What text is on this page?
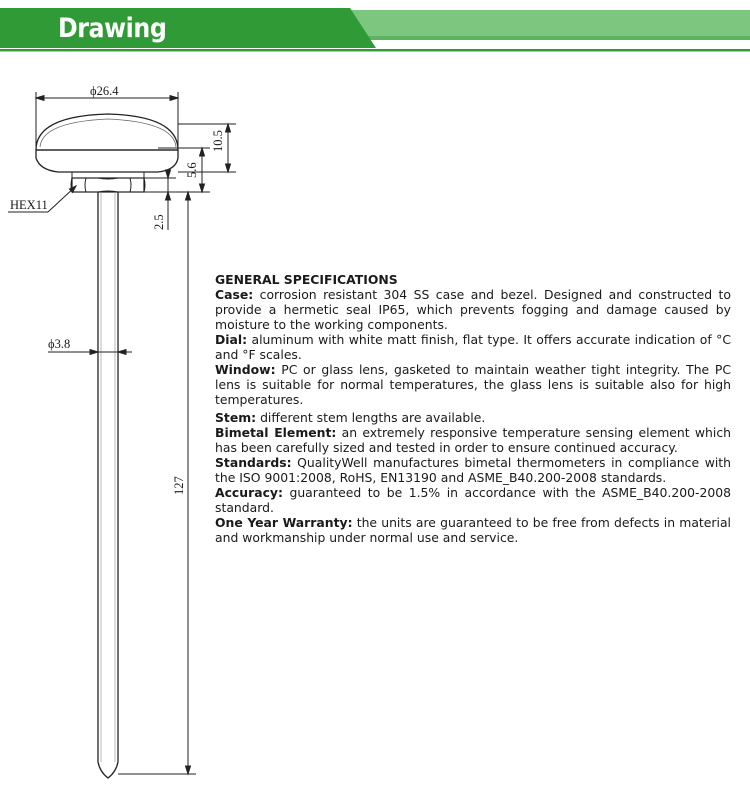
Drawing
ϕ26.4
10.5
5.6
HEX11
2.5
ϕ3.8
127
GENERAL SPECIFICATIONS

Case: corrosion resistant 304 SS case and bezel. Designed and constructed to provide a hermetic seal IP65, which prevents fogging and damage caused by moisture to the working components.

Dial: aluminum with white matt finish, flat type. It offers accurate indication of °C and °F scales.

Window: PC or glass lens, gasketed to maintain weather tight integrity. The PC lens is suitable for normal temperatures, the glass lens is suitable also for high temperatures.

Stem: different stem lengths are available.

Bimetal Element: an extremely responsive temperature sensing element which has been carefully sized and tested in order to ensure continued accuracy.

Standards: QualityWell manufactures bimetal thermometers in compliance with the ISO 9001:2008, RoHS, EN13190 and ASME_B40.200-2008 standards.

Accuracy: guaranteed to be 1.5% in accordance with the ASME_B40.200-2008 standard.

One Year Warranty: the units are guaranteed to be free from defects in material and workmanship under normal use and service.
